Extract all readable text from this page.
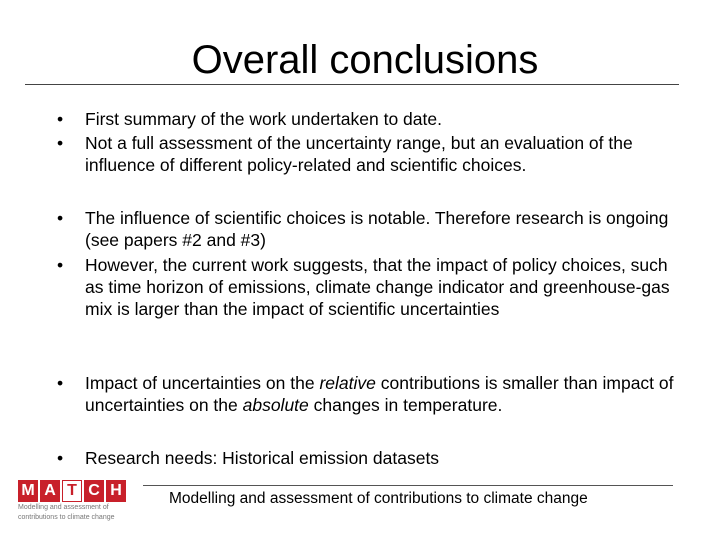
Overall conclusions
•	First summary of the work undertaken to date.
•	Not a full assessment of the uncertainty range, but an evaluation of the influence of different policy-related and scientific choices.
•	The influence of scientific choices is notable. Therefore research is ongoing (see papers #2 and #3)
•	However, the current work suggests, that the impact of policy choices, such as time horizon of emissions, climate change indicator and greenhouse-gas mix is larger than the impact of scientific uncertainties
•	Impact of uncertainties on the relative contributions is smaller than impact of uncertainties on the absolute changes in temperature.
•	Research needs: Historical emission datasets
M A T C H
Modelling and assessment of
contributions to climate change
Modelling and assessment of contributions to climate change
